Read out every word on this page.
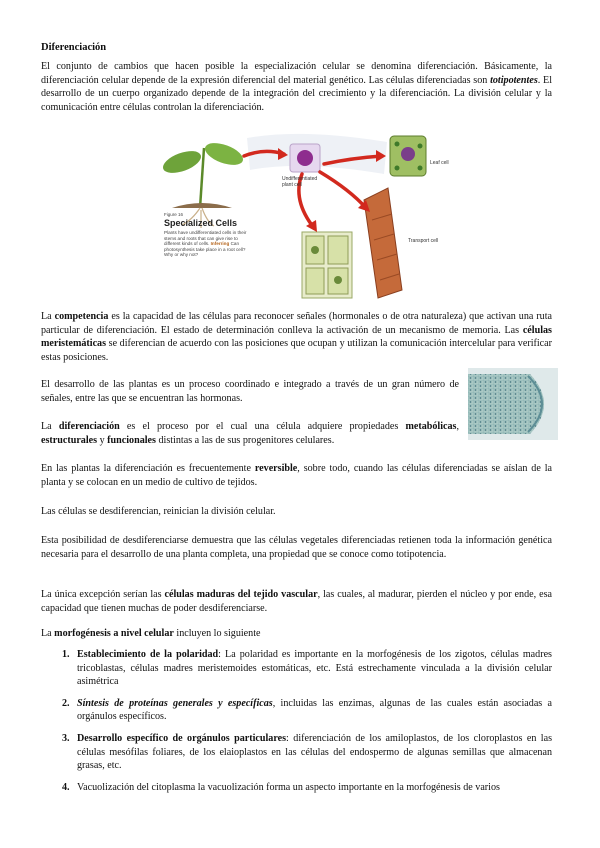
Diferenciación

El conjunto de cambios que hacen posible la especialización celular se denomina diferenciación. Básicamente, la diferenciación celular depende de la expresión diferencial del material genético. Las células diferenciadas son totipotentes. El desarrollo de un cuerpo organizado depende de la integración del crecimiento y la diferenciación. La división celular y la comunicación entre células controlan la diferenciación.

Undifferentiated plant cell
Leaf cell
Transport cell
Figure 16
Specialized Cells
Plants have undifferentiated cells in their stems and roots that can give rise to different kinds of cells. Inferring Can photosynthesis take place in a root cell? Why or why not?

La competencia es la capacidad de las células para reconocer señales (hormonales o de otra naturaleza) que activan una ruta particular de diferenciación. El estado de determinación conlleva la activación de un mecanismo de memoria. Las células meristemáticas se diferencian de acuerdo con las posiciones que ocupan y utilizan la comunicación intercelular para verificar estas posiciones.

El desarrollo de las plantas es un proceso coordinado e integrado a través de un gran número de señales, entre las que se encuentran las hormonas.

La diferenciación es el proceso por el cual una célula adquiere propiedades metabólicas, estructurales y funcionales distintas a las de sus progenitores celulares.

En las plantas la diferenciación es frecuentemente reversible, sobre todo, cuando las células diferenciadas se aíslan de la planta y se colocan en un medio de cultivo de tejidos.

Las células se desdiferencian, reinician la división celular.

Esta posibilidad de desdiferenciarse demuestra que las células vegetales diferenciadas retienen toda la información genética necesaria para el desarrollo de una planta completa, una propiedad que se conoce como totipotencia.

La única excepción serían las células maduras del tejido vascular, las cuales, al madurar, pierden el núcleo y por ende, esa capacidad que tienen muchas de poder desdiferenciarse.

La morfogénesis a nivel celular incluyen lo siguiente

1. Establecimiento de la polaridad: La polaridad es importante en la morfogénesis de los zigotos, células madres tricoblastas, células madres meristemoides estomáticas, etc. Está estrechamente vinculada a la división celular asimétrica
2. Síntesis de proteínas generales y específicas, incluidas las enzimas, algunas de las cuales están asociadas a orgánulos específicos.
3. Desarrollo específico de orgánulos particulares: diferenciación de los amiloplastos, de los cloroplastos en las células mesófilas foliares, de los elaioplastos en las células del endospermo de algunas semillas que almacenan grasas, etc.
4. Vacuolización del citoplasma la vacuolización forma un aspecto importante en la morfogénesis de varios
